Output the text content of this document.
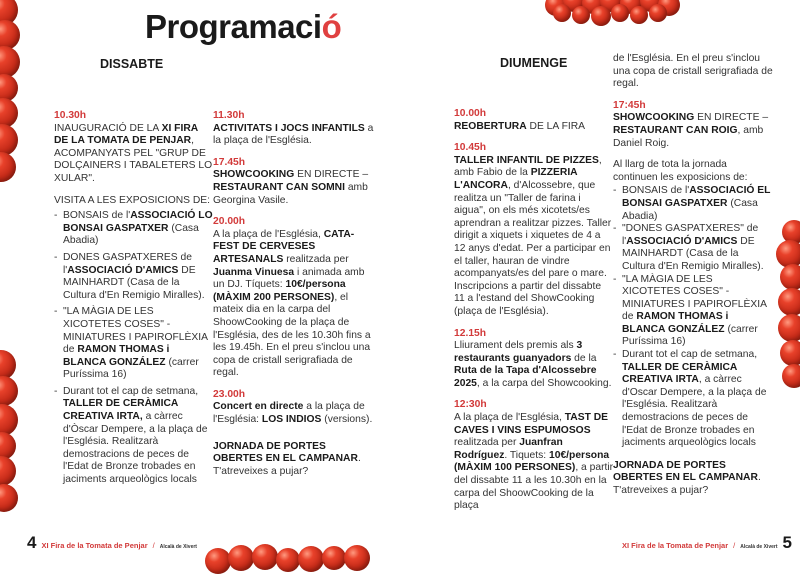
Programació
DISSABTE	DIUMENGE

10.30h
INAUGURACIÓ DE LA XI FIRA DE LA TOMATA DE PENJAR, ACOMPANYATS PEL "GRUP DE DOLÇAINERS I TABALETERS LO XULAR".

VISITA A LES EXPOSICIONS DE:

- BONSAIS de l'ASSOCIACIÓ LO BONSAI GASPATXER (Casa Abadia)
- DONES GASPATXERES de l'ASSOCIACIÓ D'AMICS DE MAINHARDT (Casa de la Cultura d'En Remigio Miralles).
- "LA MÀGIA DE LES XICOTETES COSES" - MINIATURES I PAPIROFLÈXIA de RAMON THOMAS i BLANCA GONZÁLEZ (carrer Puríssima 16)
- Durant tot el cap de setmana, TALLER DE CERÀMICA CREATIVA IRTA, a càrrec d'Òscar Dempere, a la plaça de l'Església. Realitzarà demostracions de peces de l'Edat de Bronze trobades en jaciments arqueològics locals

11.30h
ACTIVITATS I JOCS INFANTILS a la plaça de l'Església.

17.45h
SHOWCOOKING EN DIRECTE – RESTAURANT CAN SOMNI amb Georgina Vasile.

20.00h
A la plaça de l'Església, CATA-FEST DE CERVESES ARTESANALS realitzada per Juanma Vinuesa i animada amb un DJ. Tíquets: 10€/persona (MÀXIM 200 PERSONES), el mateix dia en la carpa del ShoowCooking de la plaça de l'Església, des de les 10.30h fins a les 19.45h. En el preu s'inclou una copa de cristall serigrafiada de regal.

23.00h
Concert en directe a la plaça de l'Església: LOS INDIOS (versions).

JORNADA DE PORTES OBERTES EN EL CAMPANAR. T'atreveixes a pujar?

10.00h
REOBERTURA DE LA FIRA

10.45h
TALLER INFANTIL DE PIZZES, amb Fabio de la PIZZERIA L'ANCORA, d'Alcossebre, que realitza un "Taller de farina i aigua", on els més xicotets/es aprendran a realitzar pizzes. Taller dirigit a xiquets i xiquetes de 4 a 12 anys d'edat. Per a participar en el taller, hauran de vindre acompanyats/es del pare o mare. Inscripcions a partir del dissabte 11 a l'estand del ShowCooking (plaça de l'Església).

12.15h
Lliurament dels premis als 3 restaurants guanyadors de la Ruta de la Tapa d'Alcossebre 2025, a la carpa del Showcooking.

12:30h
A la plaça de l'Església, TAST DE CAVES I VINS ESPUMOSOS realitzada per Juanfran Rodríguez. Tiquets: 10€/persona (MÀXIM 100 PERSONES), a partir del dissabte 11 a les 10.30h en la carpa del ShoowCooking de la plaça

de l'Església. En el preu s'inclou una copa de cristall serigrafiada de regal.

17:45h
SHOWCOOKING EN DIRECTE – RESTAURANT CAN ROIG, amb Daniel Roig.

Al llarg de tota la jornada continuen les exposicions de:

- BONSAIS de l'ASSOCIACIÓ EL BONSAI GASPATXER (Casa Abadia)
- "DONES GASPATXERES" de l'ASSOCIACIÓ D'AMICS DE MAINHARDT (Casa de la Cultura d'En Remigio Miralles).
- "LA MÀGIA DE LES XICOTETES COSES" - MINIATURES I PAPIROFLÈXIA de RAMON THOMAS i BLANCA GONZÁLEZ (carrer Puríssima 16)
- Durant tot el cap de setmana, TALLER DE CERÀMICA CREATIVA IRTA, a càrrec d'Oscar Dempere, a la plaça de l'Església. Realitzarà demostracions de peces de l'Edat de Bronze trobades en jaciments arqueològics locals

JORNADA DE PORTES OBERTES EN EL CAMPANAR. T'atreveixes a pujar?

4 XI Fira de la Tomata de Penjar / Alcalà de Xivert	XI Fira de la Tomata de Penjar / Alcalà de Xivert 5
